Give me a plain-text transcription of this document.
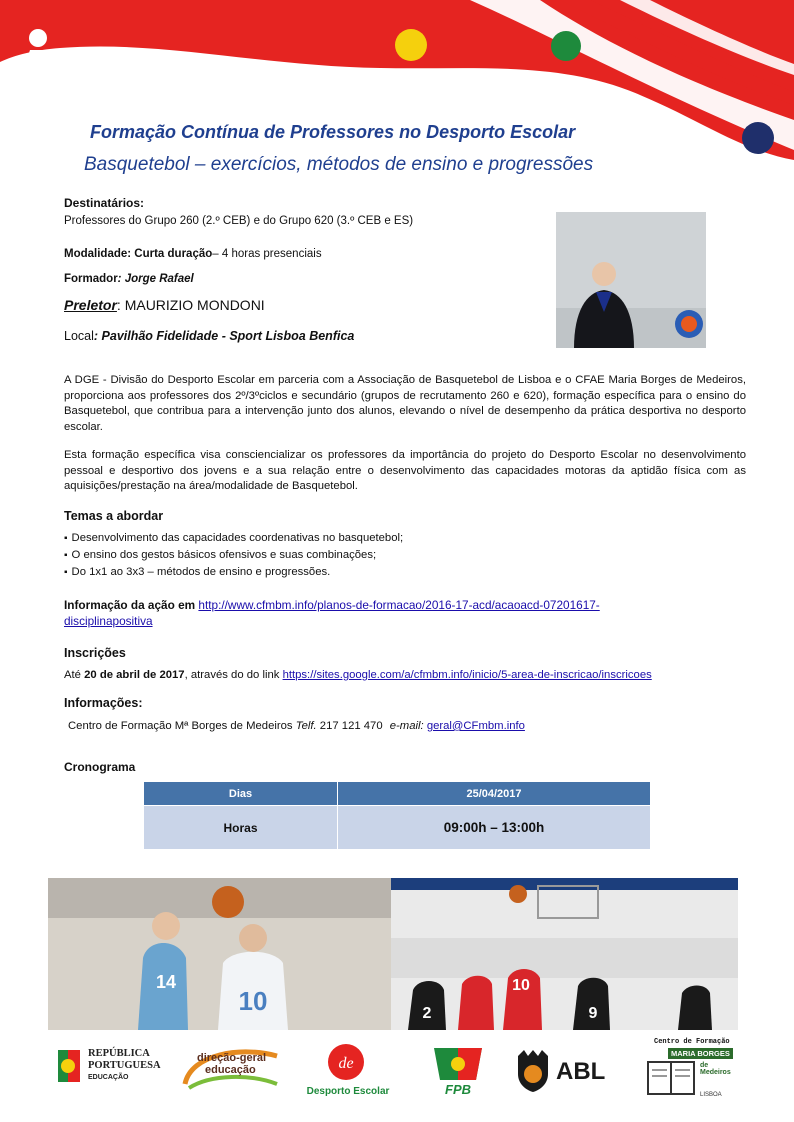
Formação Contínua de Professores no Desporto Escolar
Basquetebol – exercícios, métodos de ensino e progressões
Destinatários:
Professores do Grupo 260 (2.º CEB) e do Grupo 620 (3.º CEB e ES)
Modalidade: Curta duração– 4 horas presenciais
Formador: Jorge Rafael
Preletor: MAURIZIO MONDONI
Local: Pavilhão Fidelidade - Sport Lisboa Benfica
A DGE - Divisão do Desporto Escolar em parceria com a Associação de Basquetebol de Lisboa e o CFAE Maria Borges de Medeiros, proporciona aos professores dos 2º/3ºciclos e secundário (grupos de recrutamento 260 e 620), formação específica para o ensino do Basquetebol, que contribua para a intervenção junto dos alunos, elevando o nível de desempenho da prática desportiva no desporto escolar.
Esta formação específica visa consciencializar os professores da importância do projeto do Desporto Escolar no desenvolvimento pessoal e desportivo dos jovens e a sua relação entre o desenvolvimento das capacidades motoras da aptidão física com as aquisições/prestação na área/modalidade de Basquetebol.
Temas a abordar
▪ Desenvolvimento das capacidades coordenativas no basquetebol;
▪ O ensino dos gestos básicos ofensivos e suas combinações;
▪ Do 1x1 ao 3x3 – métodos de ensino e progressões.
Informação da ação em http://www.cfmbm.info/planos-de-formacao/2016-17-acd/acaoacd-07201617-
disciplinapositiva
Inscrições
Até 20 de abril de 2017, através do do link https://sites.google.com/a/cfmbm.info/inicio/5-area-de-inscricao/inscricoes
Informações:
Centro de Formação Mª Borges de Medeiros Telf. 217 121 470 e-mail: geral@CFmbm.info
Cronograma
Dias	25/04/2017
Horas	09:00h – 13:00h
10
14
2
10
9
REPÚBLICA
PORTUGUESA
EDUCAÇÃO
direção-geral
educação	de
Desporto Escolar	FPB
ABL
Centro de Formação
MARIA BORGES
de Medeiros
LISBOA
